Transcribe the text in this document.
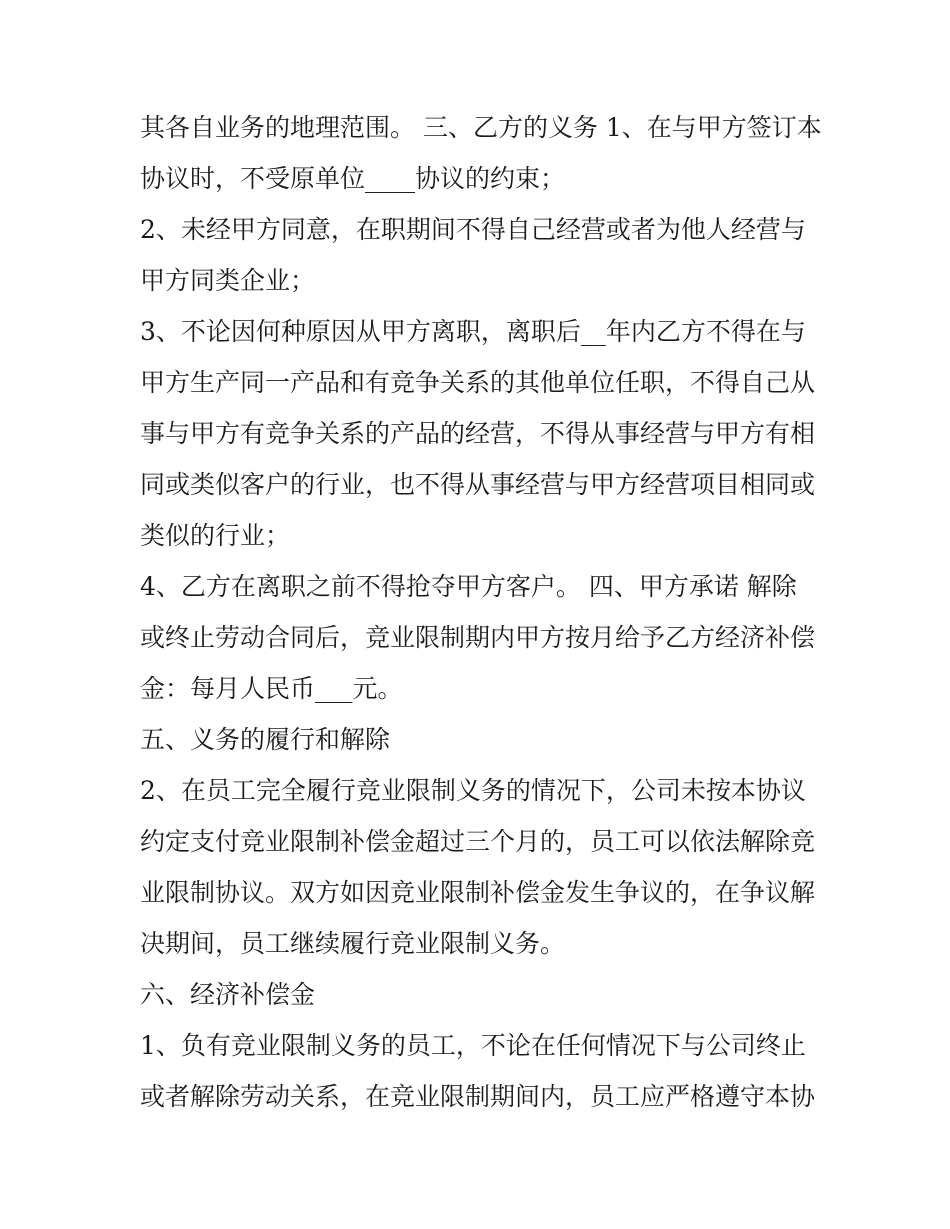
其各自业务的地理范围。 三、乙方的义务 1、在与甲方签订本

协议时，不受原单位____协议的约束；

2、未经甲方同意，在职期间不得自己经营或者为他人经营与

甲方同类企业；

3、不论因何种原因从甲方离职，离职后__年内乙方不得在与

甲方生产同一产品和有竞争关系的其他单位任职，不得自己从

事与甲方有竞争关系的产品的经营，不得从事经营与甲方有相

同或类似客户的行业，也不得从事经营与甲方经营项目相同或

类似的行业；

4、乙方在离职之前不得抢夺甲方客户。 四、甲方承诺 解除

或终止劳动合同后，竞业限制期内甲方按月给予乙方经济补偿

金：每月人民币___元。

五、义务的履行和解除

2、在员工完全履行竞业限制义务的情况下，公司未按本协议

约定支付竞业限制补偿金超过三个月的，员工可以依法解除竞

业限制协议。双方如因竞业限制补偿金发生争议的，在争议解

决期间，员工继续履行竞业限制义务。

六、经济补偿金

1、负有竞业限制义务的员工，不论在任何情况下与公司终止

或者解除劳动关系，在竞业限制期间内，员工应严格遵守本协
